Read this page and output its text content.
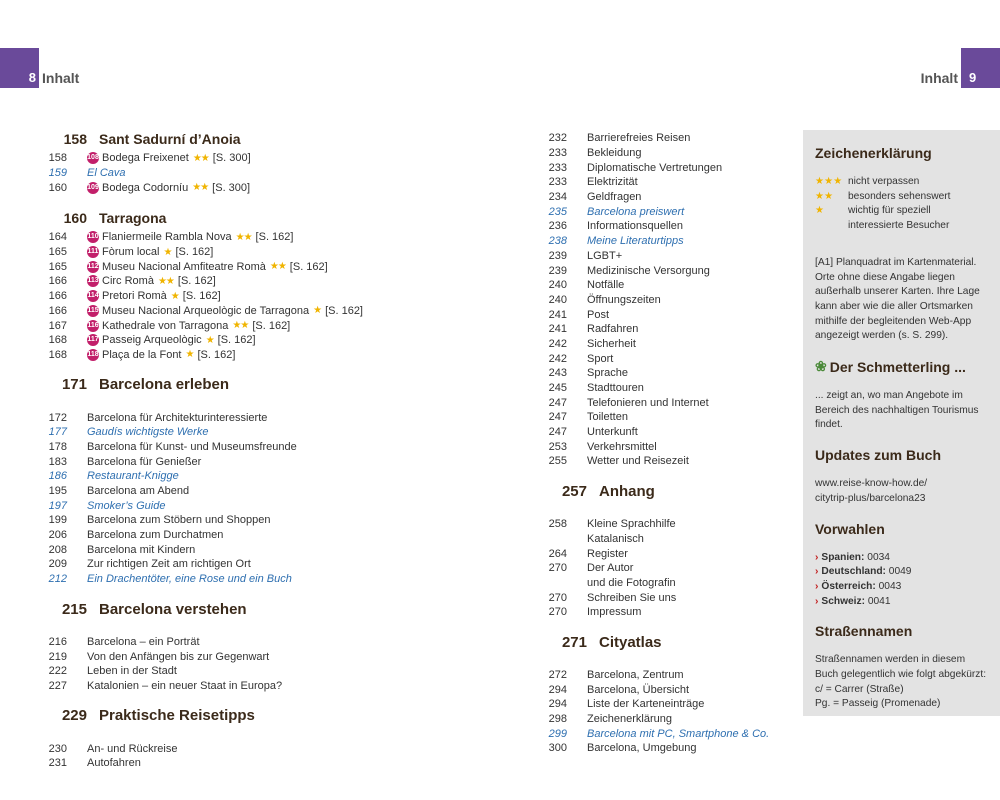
8 Inhalt	Inhalt 9
158 Sant Sadurní d’Anoia
158	108 Bodega Freixenet ★★ [S. 300]
159 El Cava
160	109 Bodega Codorníu ★★ [S. 300]
160 Tarragona
164	110 Flaniermeile Rambla Nova ★★ [S. 162]
165	111 Fòrum local ★ [S. 162]
165	112 Museu Nacional Amfiteatre Romà ★★ [S. 162]
166	113 Circ Romà ★★ [S. 162]
166	114 Pretori Romà ★ [S. 162]
166	115 Museu Nacional Arqueològic de Tarragona ★ [S. 162]
167	116 Kathedrale von Tarragona ★★ [S. 162]
168	117 Passeig Arqueològic ★ [S. 162]
168	118 Plaça de la Font ★ [S. 162]
171 Barcelona erleben
172 Barcelona für Architekturinteressierte
177 Gaudís wichtigste Werke
178 Barcelona für Kunst- und Museumsfreunde
183 Barcelona für Genießer
186 Restaurant-Knigge
195 Barcelona am Abend
197 Smoker’s Guide
199 Barcelona zum Stöbern und Shoppen
206 Barcelona zum Durchatmen
208 Barcelona mit Kindern
209 Zur richtigen Zeit am richtigen Ort
212 Ein Drachentöter, eine Rose und ein Buch
215 Barcelona verstehen
216 Barcelona – ein Porträt
219 Von den Anfängen bis zur Gegenwart
222 Leben in der Stadt
227 Katalonien – ein neuer Staat in Europa?
229 Praktische Reisetipps
230 An- und Rückreise
231 Autofahren
232 Barrierefreies Reisen
233 Bekleidung
233 Diplomatische Vertretungen
233 Elektrizität
234 Geldfragen
235 Barcelona preiswert
236 Informationsquellen
238 Meine Literaturtipps
239 LGBT+
239 Medizinische Versorgung
240 Notfälle
240 Öffnungszeiten
241 Post
241 Radfahren
242 Sicherheit
242 Sport
243 Sprache
245 Stadttouren
247 Telefonieren und Internet
247 Toiletten
247 Unterkunft
253 Verkehrsmittel
255 Wetter und Reisezeit
257 Anhang
258 Kleine Sprachhilfe
Katalanisch
264 Register
270 Der Autor
und die Fotografin
270 Schreiben Sie uns
270 Impressum
271 Cityatlas
272 Barcelona, Zentrum
294 Barcelona, Übersicht
294 Liste der Karteneinträge
298 Zeichenerklärung
299 Barcelona mit PC, Smartphone & Co.
300 Barcelona, Umgebung
Zeichenerklärung
★★★ nicht verpassen
★★	besonders sehenswert
★	wichtig für speziell
interessierte Besucher
[A1] Planquadrat im Kartenmaterial. Orte ohne diese Angabe liegen außerhalb unserer Karten. Ihre Lage kann aber wie die aller Ortsmarken mithilfe der begleitenden Web-App angezeigt werden (s. S. 299).
❀ Der Schmetterling ...
... zeigt an, wo man Angebote im Bereich des nachhaltigen Tourismus findet.
Updates zum Buch
www.reise-know-how.de/
citytrip-plus/barcelona23
Vorwahlen
› Spanien: 0034
› Deutschland: 0049
› Österreich: 0043
› Schweiz: 0041
Straßennamen
Straßennamen werden in diesem Buch gelegentlich wie folgt abgekürzt:
c/ = Carrer (Straße)
Pg. = Passeig (Promenade)
